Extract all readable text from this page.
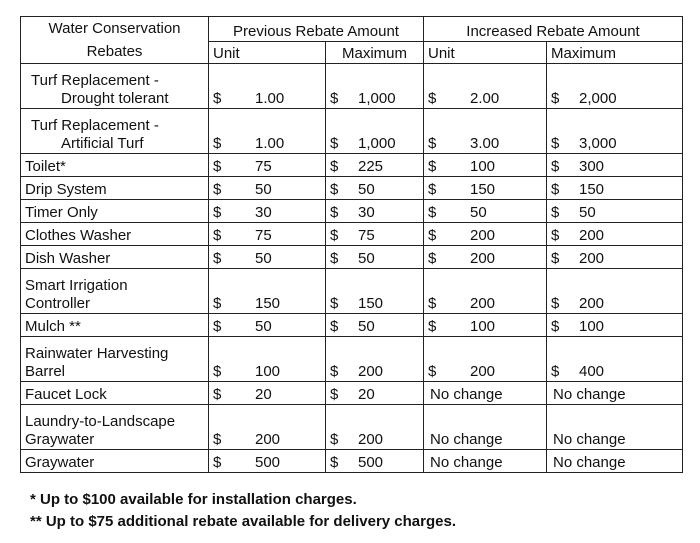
Water Conservation
Rebates	Previous Rebate Amount		Increased Rebate Amount	
	Unit	Maximum	Unit	Maximum

Turf Replacement -
Drought tolerant	$ 1.00	$ 1,000	$ 2.00	$ 2,000

Turf Replacement -
Artificial Turf	$ 1.00	$ 1,000	$ 3.00	$ 3,000

Toilet*	$ 75	$ 225	$ 100	$ 300

Drip System	$ 50	$ 50	$ 150	$ 150

Timer Only	$ 30	$ 30	$ 50	$ 50

Clothes Washer	$ 75	$ 75	$ 200	$ 200

Dish Washer	$ 50	$ 50	$ 200	$ 200

Smart Irrigation
Controller	$ 150	$ 150	$ 200	$ 200

Mulch **	$ 50	$ 50	$ 100	$ 100

Rainwater Harvesting
Barrel	$ 100	$ 200	$ 200	$ 400

Faucet Lock	$ 20	$ 20	No change	No change

Laundry-to-Landscape
Graywater	$ 200	$ 200	No change	No change

Graywater	$ 500	$ 500	No change	No change
* Up to $100 available for installation charges.
** Up to $75 additional rebate available for delivery charges.
